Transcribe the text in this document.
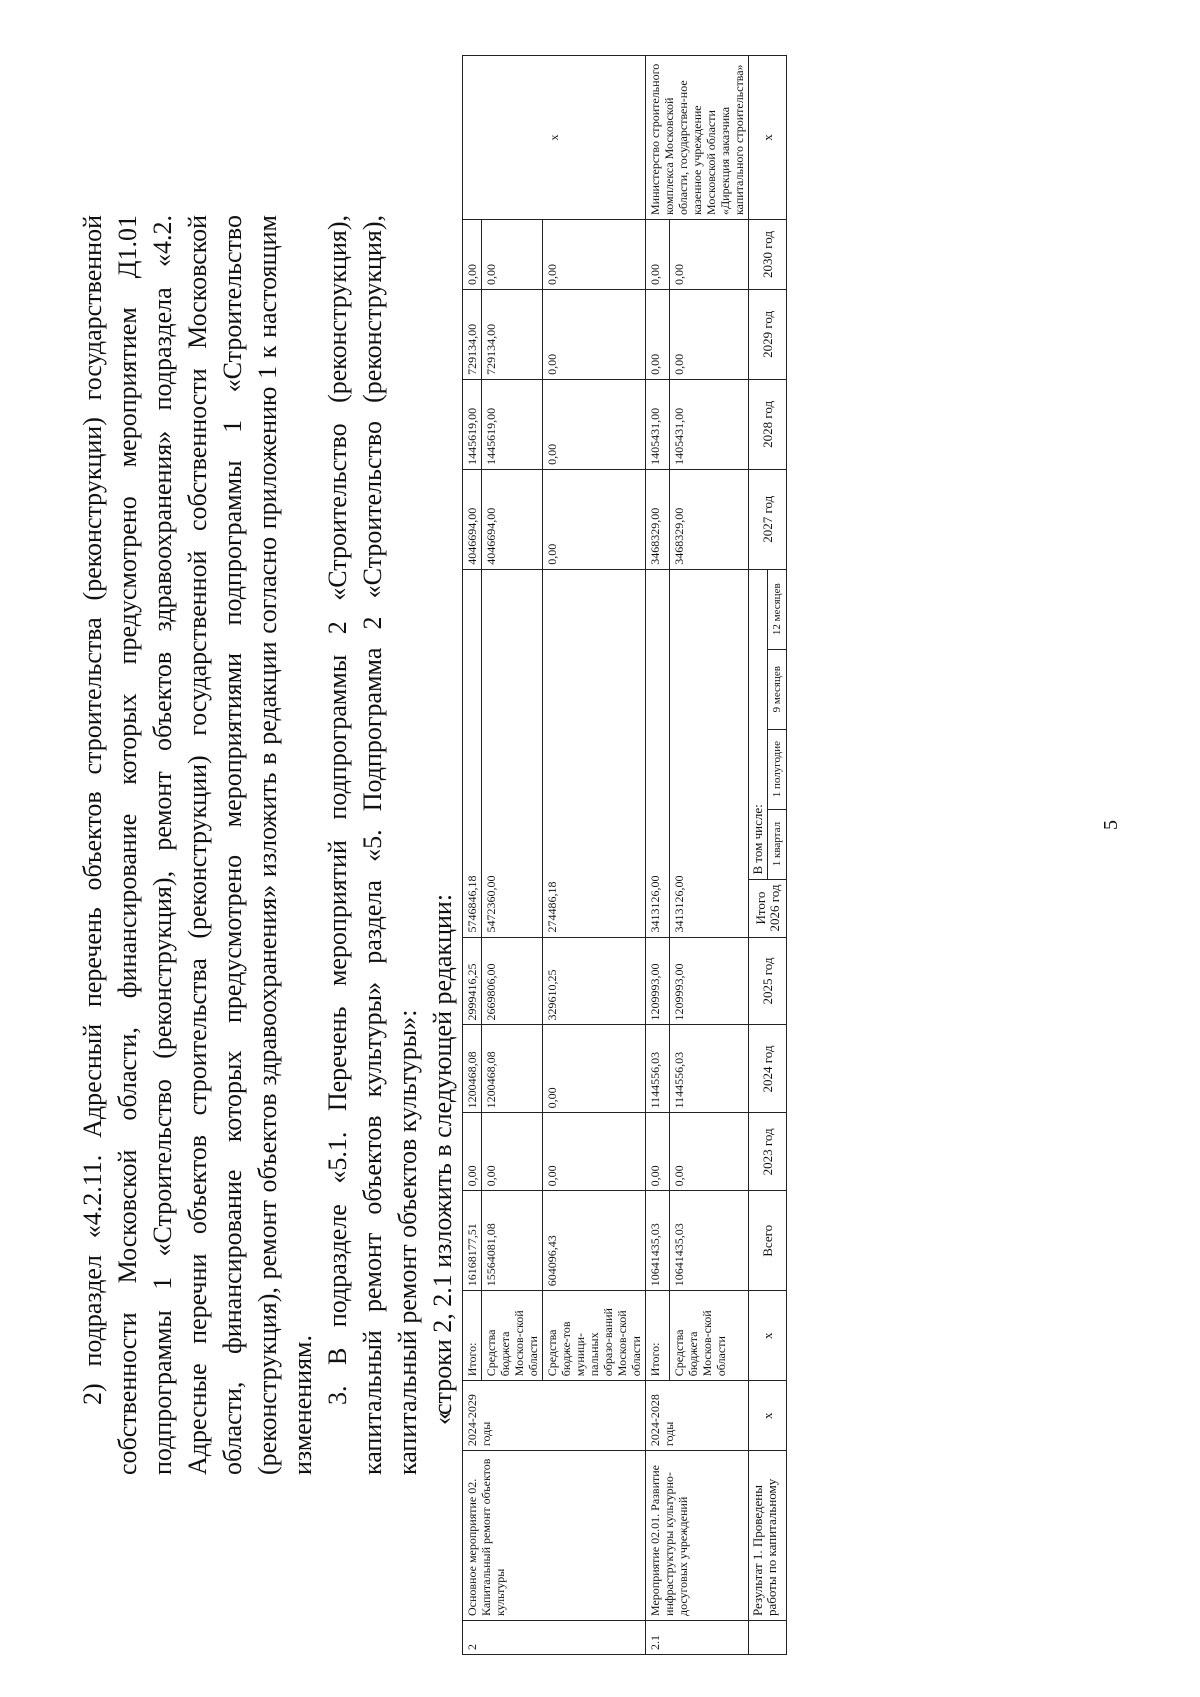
5

2) подраздел «4.2.11. Адресный перечень объектов строительства (реконструкции) государственной собственности Московской области, финансирование которых предусмотрено мероприятием Д1.01 подпрограммы 1 «Строительство (реконструкция), ремонт объектов здравоохранения» подраздела «4.2. Адресные перечни объектов строительства (реконструкции) государственной собственности Московской области, финансирование которых предусмотрено мероприятиями подпрограммы 1 «Строительство (реконструкция), ремонт объектов здравоохранения» изложить в редакции согласно приложению 1 к настоящим изменениям. 3. В подразделе «5.1. Перечень мероприятий подпрограммы 2 «Строительство (реконструкция), капитальный ремонт объектов культуры» раздела «5. Подпрограмма 2 «Строительство (реконструкция), капитальный ремонт объектов культуры»: строки 2, 2.1 изложить в следующей редакции:

«
2	Основное мероприятие 02. Капитальный ремонт объектов культуры	2024-2029 годы	Итого:	16168177,51	0,00	1200468,08	2999416,25	5746846,18					4046694,00	1445619,00	729134,00	0,00	х
			Средства бюджета Москов-ской области	15564081,08	0,00	1200468,08	2669806,00	5472360,00					4046694,00	1445619,00	729134,00	0,00	
			Средства бюдже-тов муници-пальных образо-ваний Москов-ской области	604096,43	0,00	0,00	329610,25	274486,18					0,00	0,00	0,00	0,00	
2.1	Мероприятие 02.01. Развитие инфраструктуры культурно-досуговых учреждений	2024-2028 годы	Итого:	10641435,03	0,00	1144556,03	1209993,00	3413126,00					3468329,00	1405431,00	0,00	0,00	Министерство строительного комплекса Московской области, государствен-ное казенное учреждение Московской области «Дирекция заказчика капитального строительства»
			Средства бюджета Москов-ской области	10641435,03	0,00	1144556,03	1209993,00	3413126,00					3468329,00	1405431,00	0,00	0,00	
	Результат 1. Проведены работы по капитальному	х	х	Всего	2023 год	2024 год	2025 год	Итого 2026 год	В том числе:				2027 год	2028 год	2029 год	2030 год	х
									1 квартал	1 полугодие	9 месяцев	12 месяцев					
